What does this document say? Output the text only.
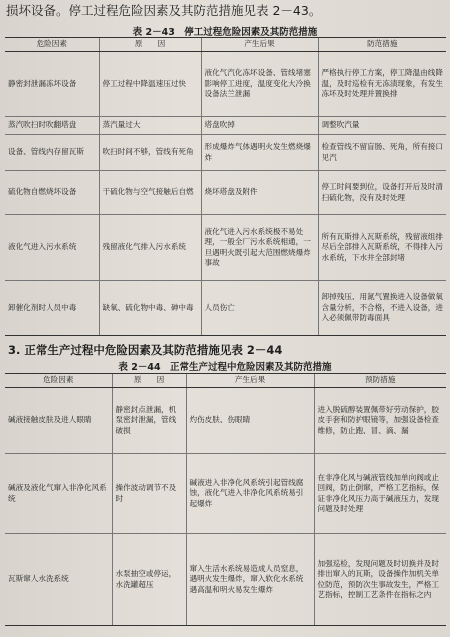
损坏设备。停工过程危险因素及其防范措施见表 2－43。
表 2－43　停工过程危险因素及其防范措施
危险因素	原　　因	产生后果	防范措施
静密封泄漏冻坏设备	停工过程中降温速压过快	液化气汽化冻坏设备、管线堵塞影响停工进度，温度变化大冷换设备法兰泄漏	严格执行停工方案，停工降温由线降温，及时巡检有无冻渍现象，有发生冻坏及时处理并置换排
蒸汽吹扫时吹翻塔盘	蒸汽量过大	塔盘吹掉	调整吹汽量
设备、管线内存留瓦斯	吹扫时间不够，管线有死角	形成爆炸气体遇明火发生燃烧爆炸	检查管线不留盲肠、死角，所有接口见汽
硫化物自燃烧坏设备	干硫化物与空气接触后自燃	烧坏塔盘及附件	停工时间要到位，设备打开后及时清扫硫化物，没有及时处理
液化气进入污水系统	残留液化气排入污水系统	液化气进入污水系统极不易处理，一般全厂污水系统相通，一旦遇明火既引起大范围燃烧爆炸事故	所有瓦斯排入瓦斯系统，残留液组排尽后全部排入瓦斯系统，不得排入污水系统，下水井全部封堵
卸催化剂时人员中毒	缺氧、硫化物中毒、砷中毒	人员伤亡	卸掉残压、用氮气置换进入设备做氧含量分析，不合格，不进入设备，进入必须佩带防毒面具
3. 正常生产过程中危险因素及其防范措施见表 2－44
表 2－44　正常生产过程中危险因素及其防范措施
危险因素	原　　因	产生后果	预防措施
碱液接触皮肤及进人眼睛	静密封点泄漏，机泵密封泄漏，管线破损	灼伤皮肤、伤眼睛	进入脱硫醇装置佩带好劳动保护，胶皮手套和防护眼镜等，加强设备检查维修，防止跑、冒、滴、漏
碱液及液化气窜入非净化风系统	操作波动调节不及时	碱液进入非净化风系统引起管线腐蚀，液化气进入非净化风系统易引起爆炸	在非净化风与碱液管线加单向阀或止回阀，防止倒窜，严格工艺指标，保证非净化风压力高于碱液压力，发现问题及时处理
瓦斯窜人水洗系统	水泵抽空或停运，水洗罐超压	窜入生活水系统易造成人员窒息，遇明火发生爆炸，窜入软化水系统遇高温和明火易发生爆炸	加强巡检，发现问题及时切换并及时排出窜入的瓦斯，设备操作加机关单位防范，预防次生事故发生，严格工艺指标，控制工艺条件在指标之内
